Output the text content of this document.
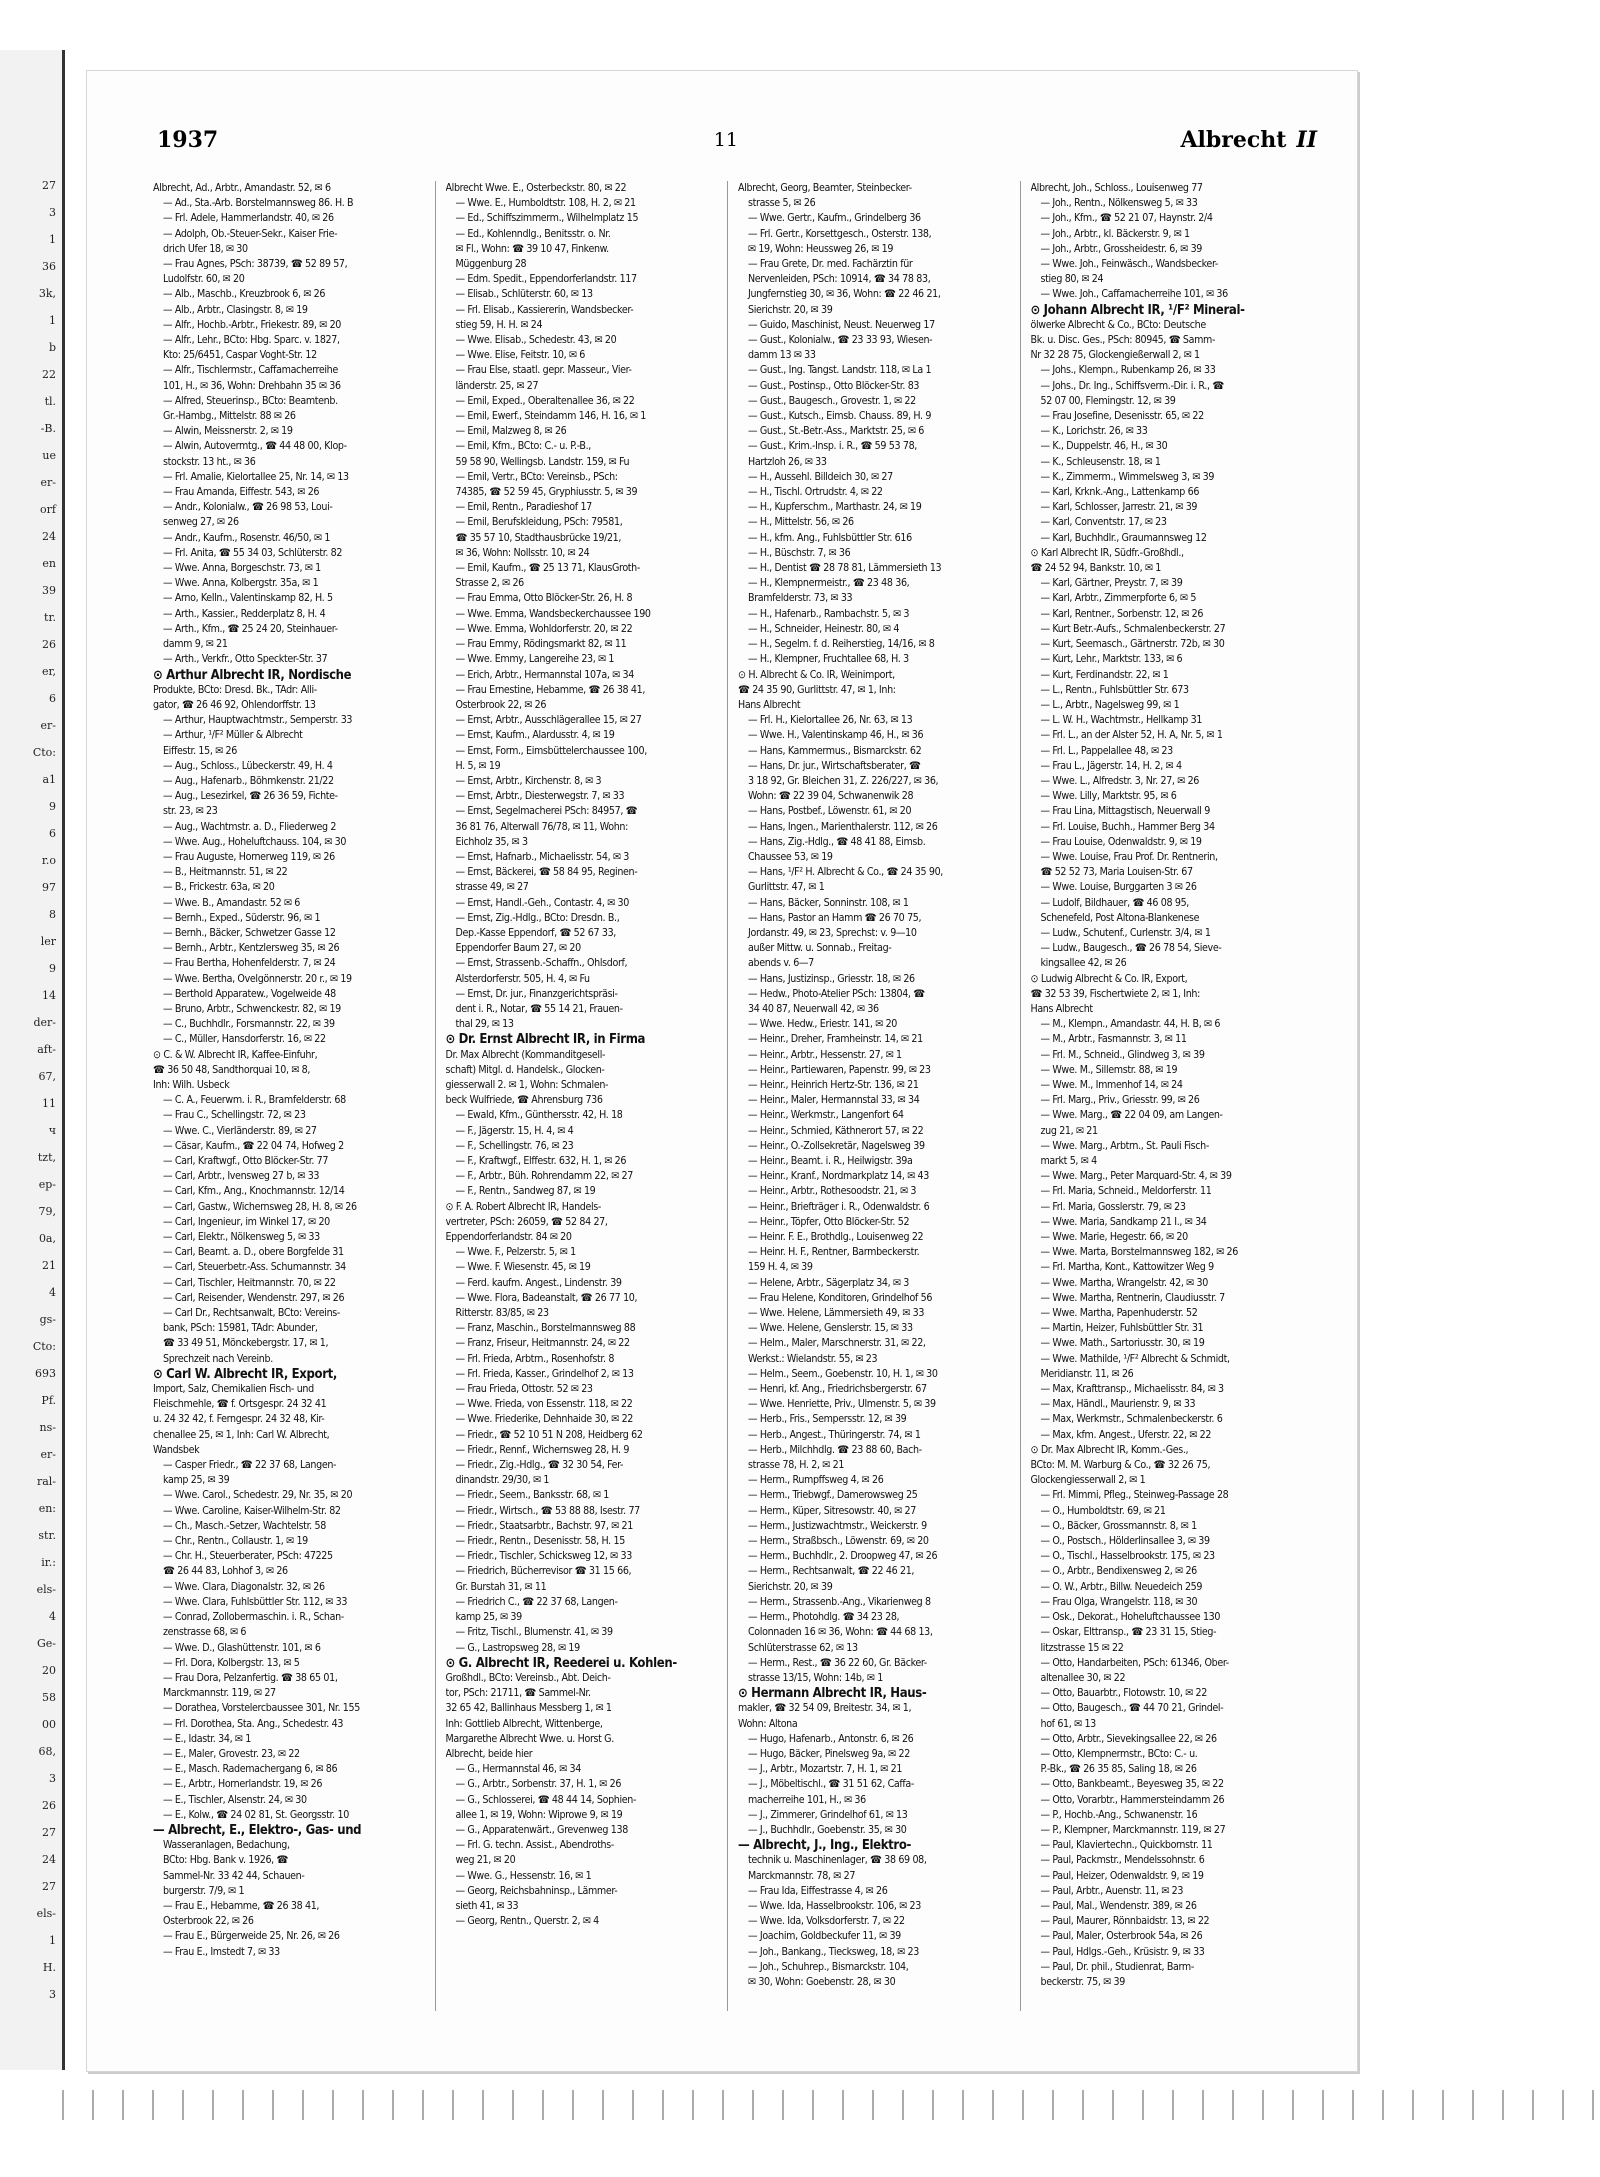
27
3
1
36
3k,
1
b
22
tl.
-B.
ue
er-
orf
24
en
39
tr.
26
er,
6
er-
Cto:
a1
9
6
r.o
97
8
ler
9
14
der-
aft-
67,
11
ч
tzt,
ep-
79,
0a,
21
4
gs-
Cto:
693
Pf.
ns-
er-
ral-
en:
str.
ir.:
els-
4
Ge-
20
58
00
68,
3
26
27
24
27
els-
1
H.
3
1937	11	Albrecht II
Albrecht, Ad., Arbtr., Amandastr. 52, ✉ 6
— Ad., Sta.-Arb. Borstelmannsweg 86. H. B
— Frl. Adele, Hammerlandstr. 40, ✉ 26
— Adolph, Ob.-Steuer-Sekr., Kaiser Frie-
drich Ufer 18, ✉ 30
— Frau Agnes, PSch: 38739, ☎ 52 89 57,
Ludolfstr. 60, ✉ 20
— Alb., Maschb., Kreuzbrook 6, ✉ 26
— Alb., Arbtr., Clasingstr. 8, ✉ 19
— Alfr., Hochb.-Arbtr., Friekestr. 89, ✉ 20
— Alfr., Lehr., BCto: Hbg. Sparc. v. 1827,
Kto: 25/6451, Caspar Voght-Str. 12
— Alfr., Tischlermstr., Caffamacherreihe
101, H., ✉ 36, Wohn: Drehbahn 35 ✉ 36
— Alfred, Steuerinsp., BCto: Beamtenb.
Gr.-Hambg., Mittelstr. 88 ✉ 26
— Alwin, Meissnerstr. 2, ✉ 19
— Alwin, Autovermtg., ☎ 44 48 00, Klop-
stockstr. 13 ht., ✉ 36
— Frl. Amalie, Kielortallee 25, Nr. 14, ✉ 13
— Frau Amanda, Eiffestr. 543, ✉ 26
— Andr., Kolonialw., ☎ 26 98 53, Loui-
senweg 27, ✉ 26
— Andr., Kaufm., Rosenstr. 46/50, ✉ 1
— Frl. Anita, ☎ 55 34 03, Schlüterstr. 82
— Wwe. Anna, Borgeschstr. 73, ✉ 1
— Wwe. Anna, Kolbergstr. 35a, ✉ 1
— Arno, Kelln., Valentinskamp 82, H. 5
— Arth., Kassier., Redderplatz 8, H. 4
— Arth., Kfm., ☎ 25 24 20, Steinhauer-
damm 9, ✉ 21
— Arth., Verkfr., Otto Speckter-Str. 37
⊙ Arthur Albrecht IR, Nordische
Produkte, BCto: Dresd. Bk., TAdr: Alli-
gator, ☎ 26 46 92, Ohlendorffstr. 13
— Arthur, Hauptwachtmstr., Semperstr. 33
— Arthur, ¹/F² Müller & Albrecht
Eiffestr. 15, ✉ 26
— Aug., Schloss., Lübeckerstr. 49, H. 4
— Aug., Hafenarb., Böhmkenstr. 21/22
— Aug., Lesezirkel, ☎ 26 36 59, Fichte-
str. 23, ✉ 23
— Aug., Wachtmstr. a. D., Fliederweg 2
— Wwe. Aug., Hoheluftchauss. 104, ✉ 30
— Frau Auguste, Hornerweg 119, ✉ 26
— B., Heitmannstr. 51, ✉ 22
— B., Frickestr. 63a, ✉ 20
— Wwe. B., Amandastr. 52 ✉ 6
— Bernh., Exped., Süderstr. 96, ✉ 1
— Bernh., Bäcker, Schwetzer Gasse 12
— Bernh., Arbtr., Kentzlersweg 35, ✉ 26
— Frau Bertha, Hohenfelderstr. 7, ✉ 24
— Wwe. Bertha, Ovelgönnerstr. 20 r., ✉ 19
— Berthold Apparatew., Vogelweide 48
— Bruno, Arbtr., Schwenckestr. 82, ✉ 19
— C., Buchhdlr., Forsmannstr. 22, ✉ 39
— C., Müller, Hansdorferstr. 16, ✉ 22
⊙ C. & W. Albrecht IR, Kaffee-Einfuhr,
☎ 36 50 48, Sandthorquai 10, ✉ 8,
Inh: Wilh. Usbeck
— C. A., Feuerwm. i. R., Bramfelderstr. 68
— Frau C., Schellingstr. 72, ✉ 23
— Wwe. C., Vierländerstr. 89, ✉ 27
— Cäsar, Kaufm., ☎ 22 04 74, Hofweg 2
— Carl, Kraftwgf., Otto Blöcker-Str. 77
— Carl, Arbtr., Ivensweg 27 b, ✉ 33
— Carl, Kfm., Ang., Knochmannstr. 12/14
— Carl, Gastw., Wichernsweg 28, H. 8, ✉ 26
— Carl, Ingenieur, im Winkel 17, ✉ 20
— Carl, Elektr., Nölkensweg 5, ✉ 33
— Carl, Beamt. a. D., obere Borgfelde 31
— Carl, Steuerbetr.-Ass. Schumannstr. 34
— Carl, Tischler, Heitmannstr. 70, ✉ 22
— Carl, Reisender, Wendenstr. 297, ✉ 26
— Carl Dr., Rechtsanwalt, BCto: Vereins-
bank, PSch: 15981, TAdr: Abunder,
☎ 33 49 51, Mönckebergstr. 17, ✉ 1,
Sprechzeit nach Vereinb.
⊙ Carl W. Albrecht IR, Export,
Import, Salz, Chemikalien Fisch- und
Fleischmehle, ☎ f. Ortsgespr. 24 32 41
u. 24 32 42, f. Ferngespr. 24 32 48, Kir-
chenallee 25, ✉ 1, Inh: Carl W. Albrecht,
Wandsbek
— Casper Friedr., ☎ 22 37 68, Langen-
kamp 25, ✉ 39
— Wwe. Carol., Schedestr. 29, Nr. 35, ✉ 20
— Wwe. Caroline, Kaiser-Wilhelm-Str. 82
— Ch., Masch.-Setzer, Wachtelstr. 58
— Chr., Rentn., Collaustr. 1, ✉ 19
— Chr. H., Steuerberater, PSch: 47225
☎ 26 44 83, Lohhof 3, ✉ 26
— Wwe. Clara, Diagonalstr. 32, ✉ 26
— Wwe. Clara, Fuhlsbüttler Str. 112, ✉ 33
— Conrad, Zollobermaschin. i. R., Schan-
zenstrasse 68, ✉ 6
— Wwe. D., Glashüttenstr. 101, ✉ 6
— Frl. Dora, Kolbergstr. 13, ✉ 5
— Frau Dora, Pelzanfertig. ☎ 38 65 01,
Marckmannstr. 119, ✉ 27
— Dorathea, Vorstelercbaussee 301, Nr. 155
— Frl. Dorothea, Sta. Ang., Schedestr. 43
— E., Idastr. 34, ✉ 1
— E., Maler, Grovestr. 23, ✉ 22
— E., Masch. Rademachergang 6, ✉ 86
— E., Arbtr., Hornerlandstr. 19, ✉ 26
— E., Tischler, Alsenstr. 24, ✉ 30
— E., Kolw., ☎ 24 02 81, St. Georgsstr. 10
— Albrecht, E., Elektro-, Gas- und
Wasseranlagen, Bedachung,
BCto: Hbg. Bank v. 1926, ☎
Sammel-Nr. 33 42 44, Schauen-
burgerstr. 7/9, ✉ 1
— Frau E., Hebamme, ☎ 26 38 41,
Osterbrook 22, ✉ 26
— Frau E., Bürgerweide 25, Nr. 26, ✉ 26
— Frau E., Imstedt 7, ✉ 33
Albrecht Wwe. E., Osterbeckstr. 80, ✉ 22
— Wwe. E., Humboldtstr. 108, H. 2, ✉ 21
— Ed., Schiffszimmerm., Wilhelmplatz 15
— Ed., Kohlenndlg., Benitsstr. o. Nr.
✉ Fl., Wohn: ☎ 39 10 47, Finkenw.
Müggenburg 28
— Edm. Spedit., Eppendorferlandstr. 117
— Elisab., Schlüterstr. 60, ✉ 13
— Frl. Elisab., Kassiererin, Wandsbecker-
stieg 59, H. H. ✉ 24
— Wwe. Elisab., Schedestr. 43, ✉ 20
— Wwe. Elise, Feitstr. 10, ✉ 6
— Frau Else, staatl. gepr. Masseur., Vier-
länderstr. 25, ✉ 27
— Emil, Exped., Oberaltenallee 36, ✉ 22
— Emil, Ewerf., Steindamm 146, H. 16, ✉ 1
— Emil, Malzweg 8, ✉ 26
— Emil, Kfm., BCto: C.- u. P.-B.,
59 58 90, Wellingsb. Landstr. 159, ✉ Fu
— Emil, Vertr., BCto: Vereinsb., PSch:
74385, ☎ 52 59 45, Gryphiusstr. 5, ✉ 39
— Emil, Rentn., Paradieshof 17
— Emil, Berufskleidung, PSch: 79581,
☎ 35 57 10, Stadthausbrücke 19/21,
✉ 36, Wohn: Nollsstr. 10, ✉ 24
— Emil, Kaufm., ☎ 25 13 71, KlausGroth-
Strasse 2, ✉ 26
— Frau Emma, Otto Blöcker-Str. 26, H. 8
— Wwe. Emma, Wandsbeckerchaussee 190
— Wwe. Emma, Wohldorferstr. 20, ✉ 22
— Frau Emmy, Rödingsmarkt 82, ✉ 11
— Wwe. Emmy, Langereihe 23, ✉ 1
— Erich, Arbtr., Hermannstal 107a, ✉ 34
— Frau Ernestine, Hebamme, ☎ 26 38 41,
Osterbrook 22, ✉ 26
— Ernst, Arbtr., Ausschlägerallee 15, ✉ 27
— Ernst, Kaufm., Alardusstr. 4, ✉ 19
— Ernst, Form., Eimsbüttelerchaussee 100,
H. 5, ✉ 19
— Ernst, Arbtr., Kirchenstr. 8, ✉ 3
— Ernst, Arbtr., Diesterwegstr. 7, ✉ 33
— Ernst, Segelmacherei PSch: 84957, ☎
36 81 76, Alterwall 76/78, ✉ 11, Wohn:
Eichholz 35, ✉ 3
— Ernst, Hafnarb., Michaelisstr. 54, ✉ 3
— Ernst, Bäckerei, ☎ 58 84 95, Reginen-
strasse 49, ✉ 27
— Ernst, Handl.-Geh., Contastr. 4, ✉ 30
— Ernst, Zig.-Hdlg., BCto: Dresdn. B.,
Dep.-Kasse Eppendorf, ☎ 52 67 33,
Eppendorfer Baum 27, ✉ 20
— Ernst, Strassenb.-Schaffn., Ohlsdorf,
Alsterdorferstr. 505, H. 4, ✉ Fu
— Ernst, Dr. jur., Finanzgerichtspräsi-
dent i. R., Notar, ☎ 55 14 21, Frauen-
thal 29, ✉ 13
⊙ Dr. Ernst Albrecht IR, in Firma
Dr. Max Albrecht (Kommanditgesell-
schaft) Mitgl. d. Handelsk., Glocken-
giesserwall 2. ✉ 1, Wohn: Schmalen-
beck Wulfriede, ☎ Ahrensburg 736
— Ewald, Kfm., Günthersstr. 42, H. 18
— F., Jägerstr. 15, H. 4, ✉ 4
— F., Schellingstr. 76, ✉ 23
— F., Kraftwgf., Elffestr. 632, H. 1, ✉ 26
— F., Arbtr., Büh. Rohrendamm 22, ✉ 27
— F., Rentn., Sandweg 87, ✉ 19
⊙ F. A. Robert Albrecht IR, Handels-
vertreter, PSch: 26059, ☎ 52 84 27,
Eppendorferlandstr. 84 ✉ 20
— Wwe. F., Pelzerstr. 5, ✉ 1
— Wwe. F. Wiesenstr. 45, ✉ 19
— Ferd. kaufm. Angest., Lindenstr. 39
— Wwe. Flora, Badeanstalt, ☎ 26 77 10,
Ritterstr. 83/85, ✉ 23
— Franz, Maschin., Borstelmannsweg 88
— Franz, Friseur, Heitmannstr. 24, ✉ 22
— Frl. Frieda, Arbtrn., Rosenhofstr. 8
— Frl. Frieda, Kasser., Grindelhof 2, ✉ 13
— Frau Frieda, Ottostr. 52 ✉ 23
— Wwe. Frieda, von Essenstr. 118, ✉ 22
— Wwe. Friederike, Dehnhaide 30, ✉ 22
— Friedr., ☎ 52 10 51 N 208, Heidberg 62
— Friedr., Rennf., Wichernsweg 28, H. 9
— Friedr., Zig.-Hdlg., ☎ 32 30 54, Fer-
dinandstr. 29/30, ✉ 1
— Friedr., Seem., Banksstr. 68, ✉ 1
— Friedr., Wirtsch., ☎ 53 88 88, Isestr. 77
— Friedr., Staatsarbtr., Bachstr. 97, ✉ 21
— Friedr., Rentn., Desenisstr. 58, H. 15
— Friedr., Tischler, Schicksweg 12, ✉ 33
— Friedrich, Bücherrevisor ☎ 31 15 66,
Gr. Burstah 31, ✉ 11
— Friedrich C., ☎ 22 37 68, Langen-
kamp 25, ✉ 39
— Fritz, Tischl., Blumenstr. 41, ✉ 39
— G., Lastropsweg 28, ✉ 19
⊙ G. Albrecht IR, Reederei u. Kohlen-
Großhdl., BCto: Vereinsb., Abt. Deich-
tor, PSch: 21711, ☎ Sammel-Nr.
32 65 42, Ballinhaus Messberg 1, ✉ 1
Inh: Gottlieb Albrecht, Wittenberge,
Margarethe Albrecht Wwe. u. Horst G.
Albrecht, beide hier
— G., Hermannstal 46, ✉ 34
— G., Arbtr., Sorbenstr. 37, H. 1, ✉ 26
— G., Schlosserei, ☎ 48 44 14, Sophien-
allee 1, ✉ 19, Wohn: Wiprowe 9, ✉ 19
— G., Apparatenwärt., Grevenweg 138
— Frl. G. techn. Assist., Abendroths-
weg 21, ✉ 20
— Wwe. G., Hessenstr. 16, ✉ 1
— Georg, Reichsbahninsp., Lämmer-
sieth 41, ✉ 33
— Georg, Rentn., Querstr. 2, ✉ 4
Albrecht, Georg, Beamter, Steinbecker-
strasse 5, ✉ 26
— Wwe. Gertr., Kaufm., Grindelberg 36
— Frl. Gertr., Korsettgesch., Osterstr. 138,
✉ 19, Wohn: Heussweg 26, ✉ 19
— Frau Grete, Dr. med. Fachärztin für
Nervenleiden, PSch: 10914, ☎ 34 78 83,
Jungfernstieg 30, ✉ 36, Wohn: ☎ 22 46 21,
Sierichstr. 20, ✉ 39
— Guido, Maschinist, Neust. Neuerweg 17
— Gust., Kolonialw., ☎ 23 33 93, Wiesen-
damm 13 ✉ 33
— Gust., Ing. Tangst. Landstr. 118, ✉ La 1
— Gust., Postinsp., Otto Blöcker-Str. 83
— Gust., Baugesch., Grovestr. 1, ✉ 22
— Gust., Kutsch., Eimsb. Chauss. 89, H. 9
— Gust., St.-Betr.-Ass., Marktstr. 25, ✉ 6
— Gust., Krim.-Insp. i. R., ☎ 59 53 78,
Hartzloh 26, ✉ 33
— H., Aussehl. Billdeich 30, ✉ 27
— H., Tischl. Ortrudstr. 4, ✉ 22
— H., Kupferschm., Marthastr. 24, ✉ 19
— H., Mittelstr. 56, ✉ 26
— H., kfm. Ang., Fuhlsbüttler Str. 616
— H., Büschstr. 7, ✉ 36
— H., Dentist ☎ 28 78 81, Lämmersieth 13
— H., Klempnermeistr., ☎ 23 48 36,
Bramfelderstr. 73, ✉ 33
— H., Hafenarb., Rambachstr. 5, ✉ 3
— H., Schneider, Heinestr. 80, ✉ 4
— H., Segelm. f. d. Reiherstieg, 14/16, ✉ 8
— H., Klempner, Fruchtallee 68, H. 3
⊙ H. Albrecht & Co. IR, Weinimport,
☎ 24 35 90, Gurlittstr. 47, ✉ 1, Inh:
Hans Albrecht
— Frl. H., Kielortallee 26, Nr. 63, ✉ 13
— Wwe. H., Valentinskamp 46, H., ✉ 36
— Hans, Kammermus., Bismarckstr. 62
— Hans, Dr. jur., Wirtschaftsberater, ☎
3 18 92, Gr. Bleichen 31, Z. 226/227, ✉ 36,
Wohn: ☎ 22 39 04, Schwanenwik 28
— Hans, Postbef., Löwenstr. 61, ✉ 20
— Hans, Ingen., Marienthalerstr. 112, ✉ 26
— Hans, Zig.-Hdlg., ☎ 48 41 88, Eimsb.
Chaussee 53, ✉ 19
— Hans, ¹/F² H. Albrecht & Co., ☎ 24 35 90,
Gurlittstr. 47, ✉ 1
— Hans, Bäcker, Sonninstr. 108, ✉ 1
— Hans, Pastor an Hamm ☎ 26 70 75,
Jordanstr. 49, ✉ 23, Sprechst: v. 9—10
außer Mittw. u. Sonnab., Freitag-
abends v. 6—7
— Hans, Justizinsp., Griesstr. 18, ✉ 26
— Hedw., Photo-Atelier PSch: 13804, ☎
34 40 87, Neuerwall 42, ✉ 36
— Wwe. Hedw., Eriestr. 141, ✉ 20
— Heinr., Dreher, Framheinstr. 14, ✉ 21
— Heinr., Arbtr., Hessenstr. 27, ✉ 1
— Heinr., Partiewaren, Papenstr. 99, ✉ 23
— Heinr., Heinrich Hertz-Str. 136, ✉ 21
— Heinr., Maler, Hermannstal 33, ✉ 34
— Heinr., Werkmstr., Langenfort 64
— Heinr., Schmied, Käthnerort 57, ✉ 22
— Heinr., O.-Zollsekretär, Nagelsweg 39
— Heinr., Beamt. i. R., Heilwigstr. 39a
— Heinr., Kranf., Nordmarkplatz 14, ✉ 43
— Heinr., Arbtr., Rothesoodstr. 21, ✉ 3
— Heinr., Briefträger i. R., Odenwaldstr. 6
— Heinr., Töpfer, Otto Blöcker-Str. 52
— Heinr. F. E., Brothdlg., Louisenweg 22
— Heinr. H. F., Rentner, Barmbeckerstr.
159 H. 4, ✉ 39
— Helene, Arbtr., Sägerplatz 34, ✉ 3
— Frau Helene, Konditoren, Grindelhof 56
— Wwe. Helene, Lämmersieth 49, ✉ 33
— Wwe. Helene, Genslerstr. 15, ✉ 33
— Helm., Maler, Marschnerstr. 31, ✉ 22,
Werkst.: Wielandstr. 55, ✉ 23
— Helm., Seem., Goebenstr. 10, H. 1, ✉ 30
— Henri, kf. Ang., Friedrichsbergerstr. 67
— Wwe. Henriette, Priv., Ulmenstr. 5, ✉ 39
— Herb., Fris., Sempersstr. 12, ✉ 39
— Herb., Angest., Thüringerstr. 74, ✉ 1
— Herb., Milchhdlg. ☎ 23 88 60, Bach-
strasse 78, H. 2, ✉ 21
— Herm., Rumpffsweg 4, ✉ 26
— Herm., Triebwgf., Damerowsweg 25
— Herm., Küper, Sitresowstr. 40, ✉ 27
— Herm., Justizwachtmstr., Weickerstr. 9
— Herm., Straßbsch., Löwenstr. 69, ✉ 20
— Herm., Buchhdlr., 2. Droopweg 47, ✉ 26
— Herm., Rechtsanwalt, ☎ 22 46 21,
Sierichstr. 20, ✉ 39
— Herm., Strassenb.-Ang., Vikarienweg 8
— Herm., Photohdlg. ☎ 34 23 28,
Colonnaden 16 ✉ 36, Wohn: ☎ 44 68 13,
Schlüterstrasse 62, ✉ 13
— Herm., Rest., ☎ 36 22 60, Gr. Bäcker-
strasse 13/15, Wohn: 14b, ✉ 1
⊙ Hermann Albrecht IR, Haus-
makler, ☎ 32 54 09, Breitestr. 34, ✉ 1,
Wohn: Altona
— Hugo, Hafenarb., Antonstr. 6, ✉ 26
— Hugo, Bäcker, Pinelsweg 9a, ✉ 22
— J., Arbtr., Mozartstr. 7, H. 1, ✉ 21
— J., Möbeltischl., ☎ 31 51 62, Caffa-
macherreihe 101, H., ✉ 36
— J., Zimmerer, Grindelhof 61, ✉ 13
— J., Buchhdlr., Goebenstr. 35, ✉ 30
— Albrecht, J., Ing., Elektro-
technik u. Maschinenlager, ☎ 38 69 08,
Marckmannstr. 78, ✉ 27
— Frau Ida, Eiffestrasse 4, ✉ 26
— Wwe. Ida, Hasselbrookstr. 106, ✉ 23
— Wwe. Ida, Volksdorferstr. 7, ✉ 22
— Joachim, Goldbeckufer 11, ✉ 39
— Joh., Bankang., Tiecksweg, 18, ✉ 23
— Joh., Schuhrep., Bismarckstr. 104,
✉ 30, Wohn: Goebenstr. 28, ✉ 30
Albrecht, Joh., Schloss., Louisenweg 77
— Joh., Rentn., Nölkensweg 5, ✉ 33
— Joh., Kfm., ☎ 52 21 07, Haynstr. 2/4
— Joh., Arbtr., kl. Bäckerstr. 9, ✉ 1
— Joh., Arbtr., Grossheidestr. 6, ✉ 39
— Wwe. Joh., Feinwäsch., Wandsbecker-
stieg 80, ✉ 24
— Wwe. Joh., Caffamacherreihe 101, ✉ 36
⊙ Johann Albrecht IR, ¹/F² Mineral-
ölwerke Albrecht & Co., BCto: Deutsche
Bk. u. Disc. Ges., PSch: 80945, ☎ Samm-
Nr 32 28 75, Glockengießerwall 2, ✉ 1
— Johs., Klempn., Rubenkamp 26, ✉ 33
— Johs., Dr. Ing., Schiffsverm.-Dir. i. R., ☎
52 07 00, Flemingstr. 12, ✉ 39
— Frau Josefine, Desenisstr. 65, ✉ 22
— K., Lorichstr. 26, ✉ 33
— K., Duppelstr. 46, H., ✉ 30
— K., Schleusenstr. 18, ✉ 1
— K., Zimmerm., Wimmelsweg 3, ✉ 39
— Karl, Krknk.-Ang., Lattenkamp 66
— Karl, Schlosser, Jarrestr. 21, ✉ 39
— Karl, Conventstr. 17, ✉ 23
— Karl, Buchhdlr., Graumannsweg 12
⊙ Karl Albrecht IR, Südfr.-Großhdl.,
☎ 24 52 94, Bankstr. 10, ✉ 1
— Karl, Gärtner, Preystr. 7, ✉ 39
— Karl, Arbtr., Zimmerpforte 6, ✉ 5
— Karl, Rentner., Sorbenstr. 12, ✉ 26
— Kurt Betr.-Aufs., Schmalenbeckerstr. 27
— Kurt, Seemasch., Gärtnerstr. 72b, ✉ 30
— Kurt, Lehr., Marktstr. 133, ✉ 6
— Kurt, Ferdinandstr. 22, ✉ 1
— L., Rentn., Fuhlsbüttler Str. 673
— L., Arbtr., Nagelsweg 99, ✉ 1
— L. W. H., Wachtmstr., Hellkamp 31
— Frl. L., an der Alster 52, H. A, Nr. 5, ✉ 1
— Frl. L., Pappelallee 48, ✉ 23
— Frau L., Jägerstr. 14, H. 2, ✉ 4
— Wwe. L., Alfredstr. 3, Nr. 27, ✉ 26
— Wwe. Lilly, Marktstr. 95, ✉ 6
— Frau Lina, Mittagstisch, Neuerwall 9
— Frl. Louise, Buchh., Hammer Berg 34
— Frau Louise, Odenwaldstr. 9, ✉ 19
— Wwe. Louise, Frau Prof. Dr. Rentnerin,
☎ 52 52 73, Maria Louisen-Str. 67
— Wwe. Louise, Burggarten 3 ✉ 26
— Ludolf, Bildhauer, ☎ 46 08 95,
Schenefeld, Post Altona-Blankenese
— Ludw., Schutenf., Curlenstr. 3/4, ✉ 1
— Ludw., Baugesch., ☎ 26 78 54, Sieve-
kingsallee 42, ✉ 26
⊙ Ludwig Albrecht & Co. IR, Export,
☎ 32 53 39, Fischertwiete 2, ✉ 1, Inh:
Hans Albrecht
— M., Klempn., Amandastr. 44, H. B, ✉ 6
— M., Arbtr., Fasmannstr. 3, ✉ 11
— Frl. M., Schneid., Glindweg 3, ✉ 39
— Wwe. M., Sillemstr. 88, ✉ 19
— Wwe. M., Immenhof 14, ✉ 24
— Frl. Marg., Priv., Griesstr. 99, ✉ 26
— Wwe. Marg., ☎ 22 04 09, am Langen-
zug 21, ✉ 21
— Wwe. Marg., Arbtrn., St. Pauli Fisch-
markt 5, ✉ 4
— Wwe. Marg., Peter Marquard-Str. 4, ✉ 39
— Frl. Maria, Schneid., Meldorferstr. 11
— Frl. Maria, Gosslerstr. 79, ✉ 23
— Wwe. Maria, Sandkamp 21 I., ✉ 34
— Wwe. Marie, Hegestr. 66, ✉ 20
— Wwe. Marta, Borstelmannsweg 182, ✉ 26
— Frl. Martha, Kont., Kattowitzer Weg 9
— Wwe. Martha, Wrangelstr. 42, ✉ 30
— Wwe. Martha, Rentnerin, Claudiusstr. 7
— Wwe. Martha, Papenhuderstr. 52
— Martin, Heizer, Fuhlsbüttler Str. 31
— Wwe. Math., Sartoriusstr. 30, ✉ 19
— Wwe. Mathilde, ¹/F² Albrecht & Schmidt,
Meridianstr. 11, ✉ 26
— Max, Krafttransp., Michaelisstr. 84, ✉ 3
— Max, Händl., Maurienstr. 9, ✉ 33
— Max, Werkmstr., Schmalenbeckerstr. 6
— Max, kfm. Angest., Uferstr. 22, ✉ 22
⊙ Dr. Max Albrecht IR, Komm.-Ges.,
BCto: M. M. Warburg & Co., ☎ 32 26 75,
Glockengiesserwall 2, ✉ 1
— Frl. Mimmi, Pfleg., Steinweg-Passage 28
— O., Humboldtstr. 69, ✉ 21
— O., Bäcker, Grossmannstr. 8, ✉ 1
— O., Postsch., Hölderlinsallee 3, ✉ 39
— O., Tischl., Hasselbrookstr. 175, ✉ 23
— O., Arbtr., Bendixensweg 2, ✉ 26
— O. W., Arbtr., Billw. Neuedeich 259
— Frau Olga, Wrangelstr. 118, ✉ 30
— Osk., Dekorat., Hoheluftchaussee 130
— Oskar, Elttransp., ☎ 23 31 15, Stieg-
litzstrasse 15 ✉ 22
— Otto, Handarbeiten, PSch: 61346, Ober-
altenallee 30, ✉ 22
— Otto, Bauarbtr., Flotowstr. 10, ✉ 22
— Otto, Baugesch., ☎ 44 70 21, Grindel-
hof 61, ✉ 13
— Otto, Arbtr., Sievekingsallee 22, ✉ 26
— Otto, Klempnermstr., BCto: C.- u.
P.-Bk., ☎ 26 35 85, Saling 18, ✉ 26
— Otto, Bankbeamt., Beyesweg 35, ✉ 22
— Otto, Vorarbtr., Hammersteindamm 26
— P., Hochb.-Ang., Schwanenstr. 16
— P., Klempner, Marckmannstr. 119, ✉ 27
— Paul, Klaviertechn., Quickbornstr. 11
— Paul, Packmstr., Mendelssohnstr. 6
— Paul, Heizer, Odenwaldstr. 9, ✉ 19
— Paul, Arbtr., Auenstr. 11, ✉ 23
— Paul, Mal., Wendenstr. 389, ✉ 26
— Paul, Maurer, Rönnbaidstr. 13, ✉ 22
— Paul, Maler, Osterbrook 54a, ✉ 26
— Paul, Hdlgs.-Geh., Krüsistr. 9, ✉ 33
— Paul, Dr. phil., Studienrat, Barm-
beckerstr. 75, ✉ 39
